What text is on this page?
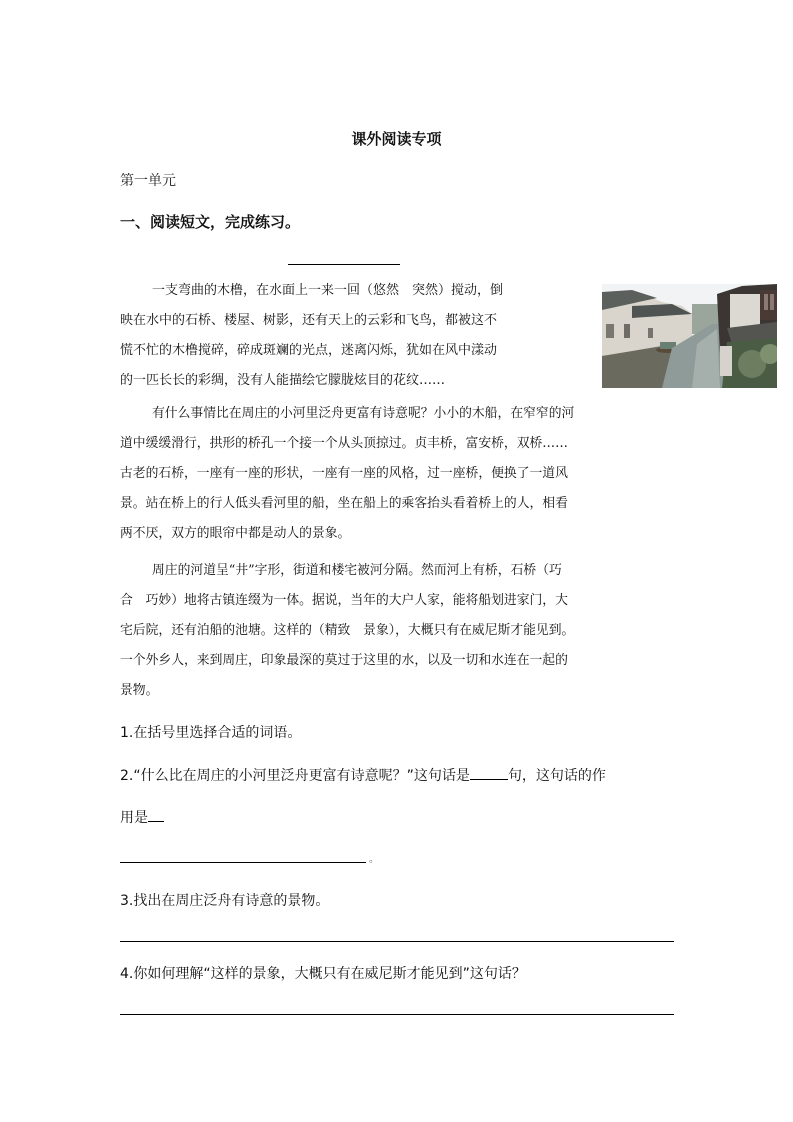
课外阅读专项
第一单元
一、阅读短文，完成练习。
一支弯曲的木橹，在水面上一来一回（悠然　突然）搅动，倒
映在水中的石桥、楼屋、树影，还有天上的云彩和飞鸟，都被这不
慌不忙的木橹搅碎，碎成斑斓的光点，迷离闪烁，犹如在风中漾动
的一匹长长的彩绸，没有人能描绘它朦胧炫目的花纹……
有什么事情比在周庄的小河里泛舟更富有诗意呢？小小的木船，在窄窄的河
道中缓缓滑行，拱形的桥孔一个接一个从头顶掠过。贞丰桥，富安桥，双桥……
古老的石桥，一座有一座的形状，一座有一座的风格，过一座桥，便换了一道风
景。站在桥上的行人低头看河里的船，坐在船上的乘客抬头看着桥上的人，相看
两不厌，双方的眼帘中都是动人的景象。
周庄的河道呈“井”字形，街道和楼宅被河分隔。然而河上有桥，石桥（巧
合　巧妙）地将古镇连缀为一体。据说，当年的大户人家，能将船划进家门，大
宅后院，还有泊船的池塘。这样的（精致　景象），大概只有在威尼斯才能见到。
一个外乡人，来到周庄，印象最深的莫过于这里的水，以及一切和水连在一起的
景物。
1.在括号里选择合适的词语。
2.“什么比在周庄的小河里泛舟更富有诗意呢？”这句话是	句，这句话的作
用是
。
3.找出在周庄泛舟有诗意的景物。
4.你如何理解“这样的景象，大概只有在威尼斯才能见到”这句话？
